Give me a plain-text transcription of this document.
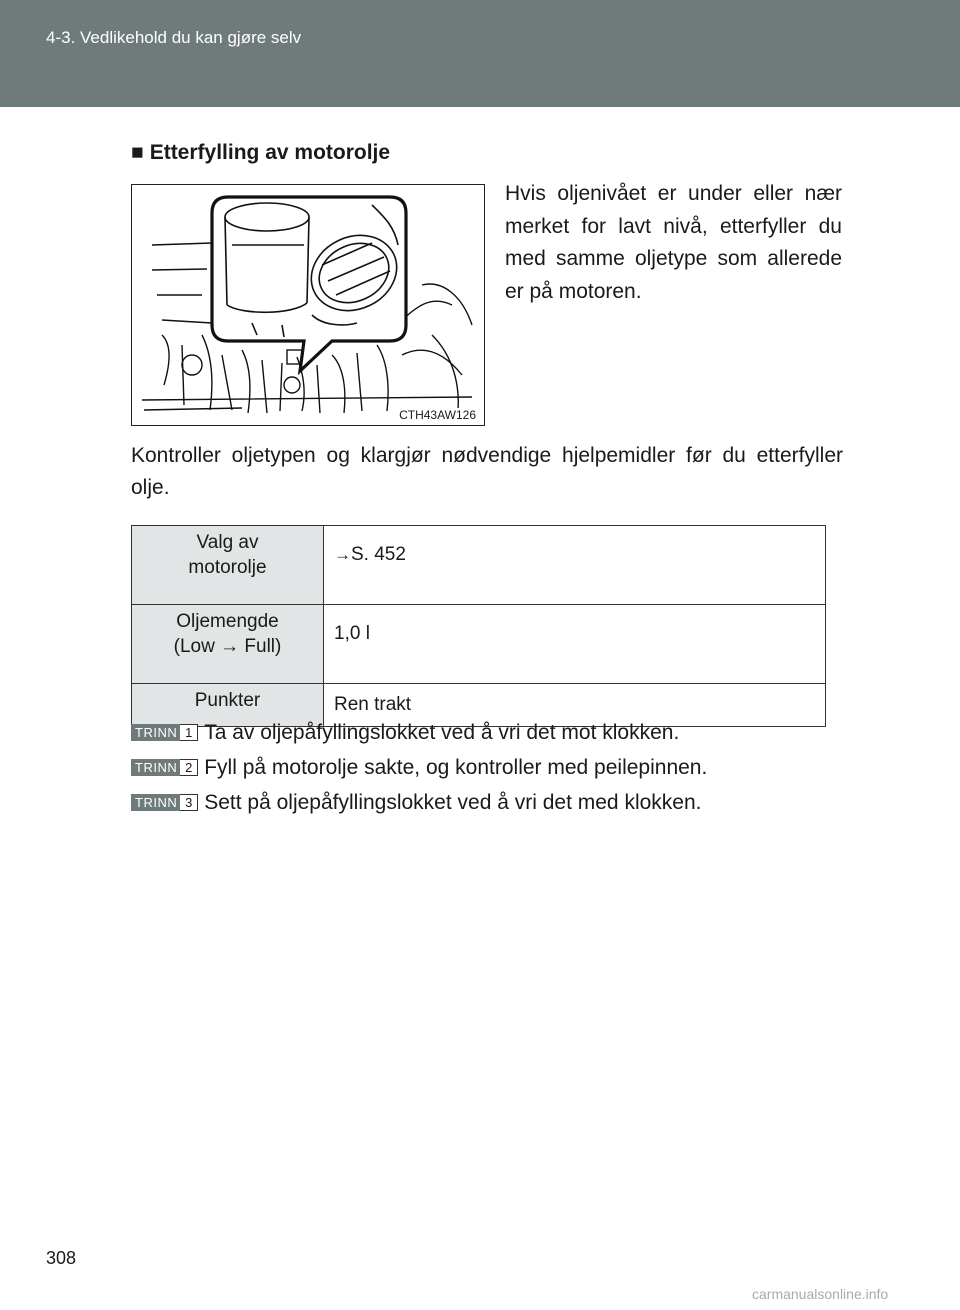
4-3. Vedlikehold du kan gjøre selv
■ Etterfylling av motorolje
CTH43AW126
Hvis oljenivået er under eller nær merket for lavt nivå, etterfyller du med samme oljetype som allerede er på motoren.
Kontroller oljetypen og klargjør nødvendige hjelpemidler før du etterfyller olje.
Valg av
motorolje	→S. 452

Oljemengde
(Low → Full)	1,0 l
Punkter	Ren trakt
TRINN 1 Ta av oljepåfyllingslokket ved å vri det mot klokken.
TRINN 2 Fyll på motorolje sakte, og kontroller med peilepinnen.
TRINN 3 Sett på oljepåfyllingslokket ved å vri det med klokken.
308
carmanualsonline.info
